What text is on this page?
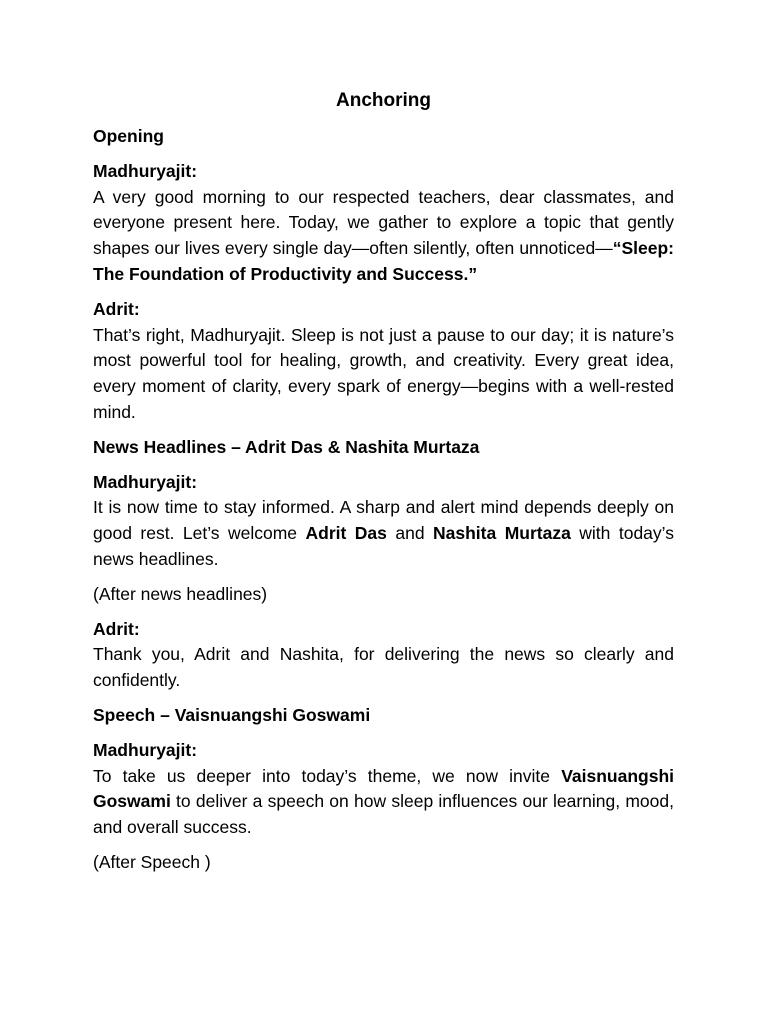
Anchoring
Opening
Madhuryajit:
A very good morning to our respected teachers, dear classmates, and everyone present here. Today, we gather to explore a topic that gently shapes our lives every single day—often silently, often unnoticed—“Sleep: The Foundation of Productivity and Success.”
Adrit:
That’s right, Madhuryajit. Sleep is not just a pause to our day; it is nature’s most powerful tool for healing, growth, and creativity. Every great idea, every moment of clarity, every spark of energy—begins with a well-rested mind.
News Headlines – Adrit Das & Nashita Murtaza
Madhuryajit:
It is now time to stay informed. A sharp and alert mind depends deeply on good rest. Let’s welcome Adrit Das and Nashita Murtaza with today’s news headlines.
(After news headlines)
Adrit:
Thank you, Adrit and Nashita, for delivering the news so clearly and confidently.
Speech – Vaisnuangshi Goswami
Madhuryajit:
To take us deeper into today’s theme, we now invite Vaisnuangshi Goswami to deliver a speech on how sleep influences our learning, mood, and overall success.
(After Speech )
